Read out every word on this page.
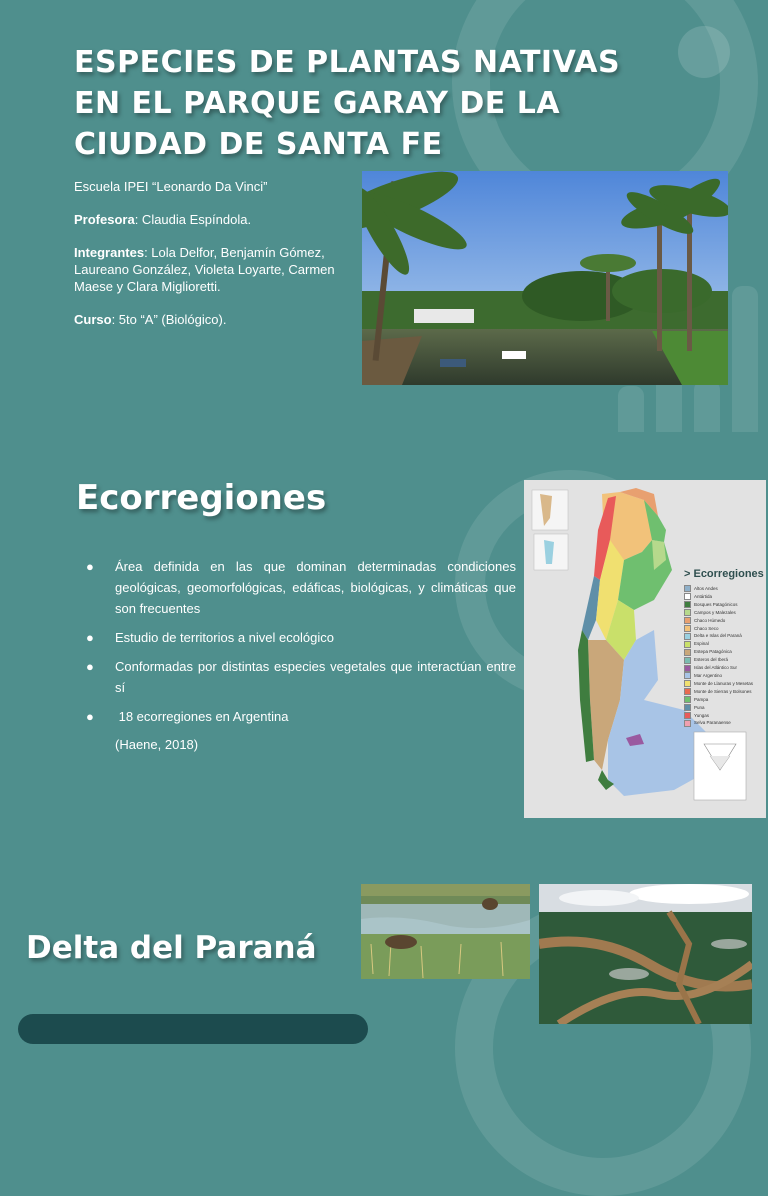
ESPECIES DE PLANTAS NATIVAS EN EL PARQUE GARAY DE LA CIUDAD DE SANTA FE

Escuela IPEI “Leonardo Da Vinci”

Profesora: Claudia Espíndola.

Integrantes: Lola Delfor, Benjamín Gómez, Laureano González, Violeta Loyarte, Carmen Maese y Clara Miglioretti.

Curso: 5to “A” (Biológico).

Ecorregiones
● Área definida en las que dominan determinadas condiciones geológicas, geomorfológicas, edáficas, biológicas, y climáticas que son frecuentes
● Estudio de territorios a nivel ecológico
● Conformadas por distintas especies vegetales que interactúan entre sí
● 18 ecorregiones en Argentina
(Haene, 2018)
> Ecorregiones
Altos Andes
Antártida
Bosques Patagónicos
Campos y Malezales
Chaco Húmedo
Chaco Seco
Delta e Islas del Paraná
Espinal
Estepa Patagónica
Esteros del Iberá
Islas del Atlántico Sur
Mar Argentino
Monte de Llanuras y Mesetas
Monte de Sierras y Bolsones
Pampa
Puna
Yungas
Selva Paranaense
Delta del Paraná
